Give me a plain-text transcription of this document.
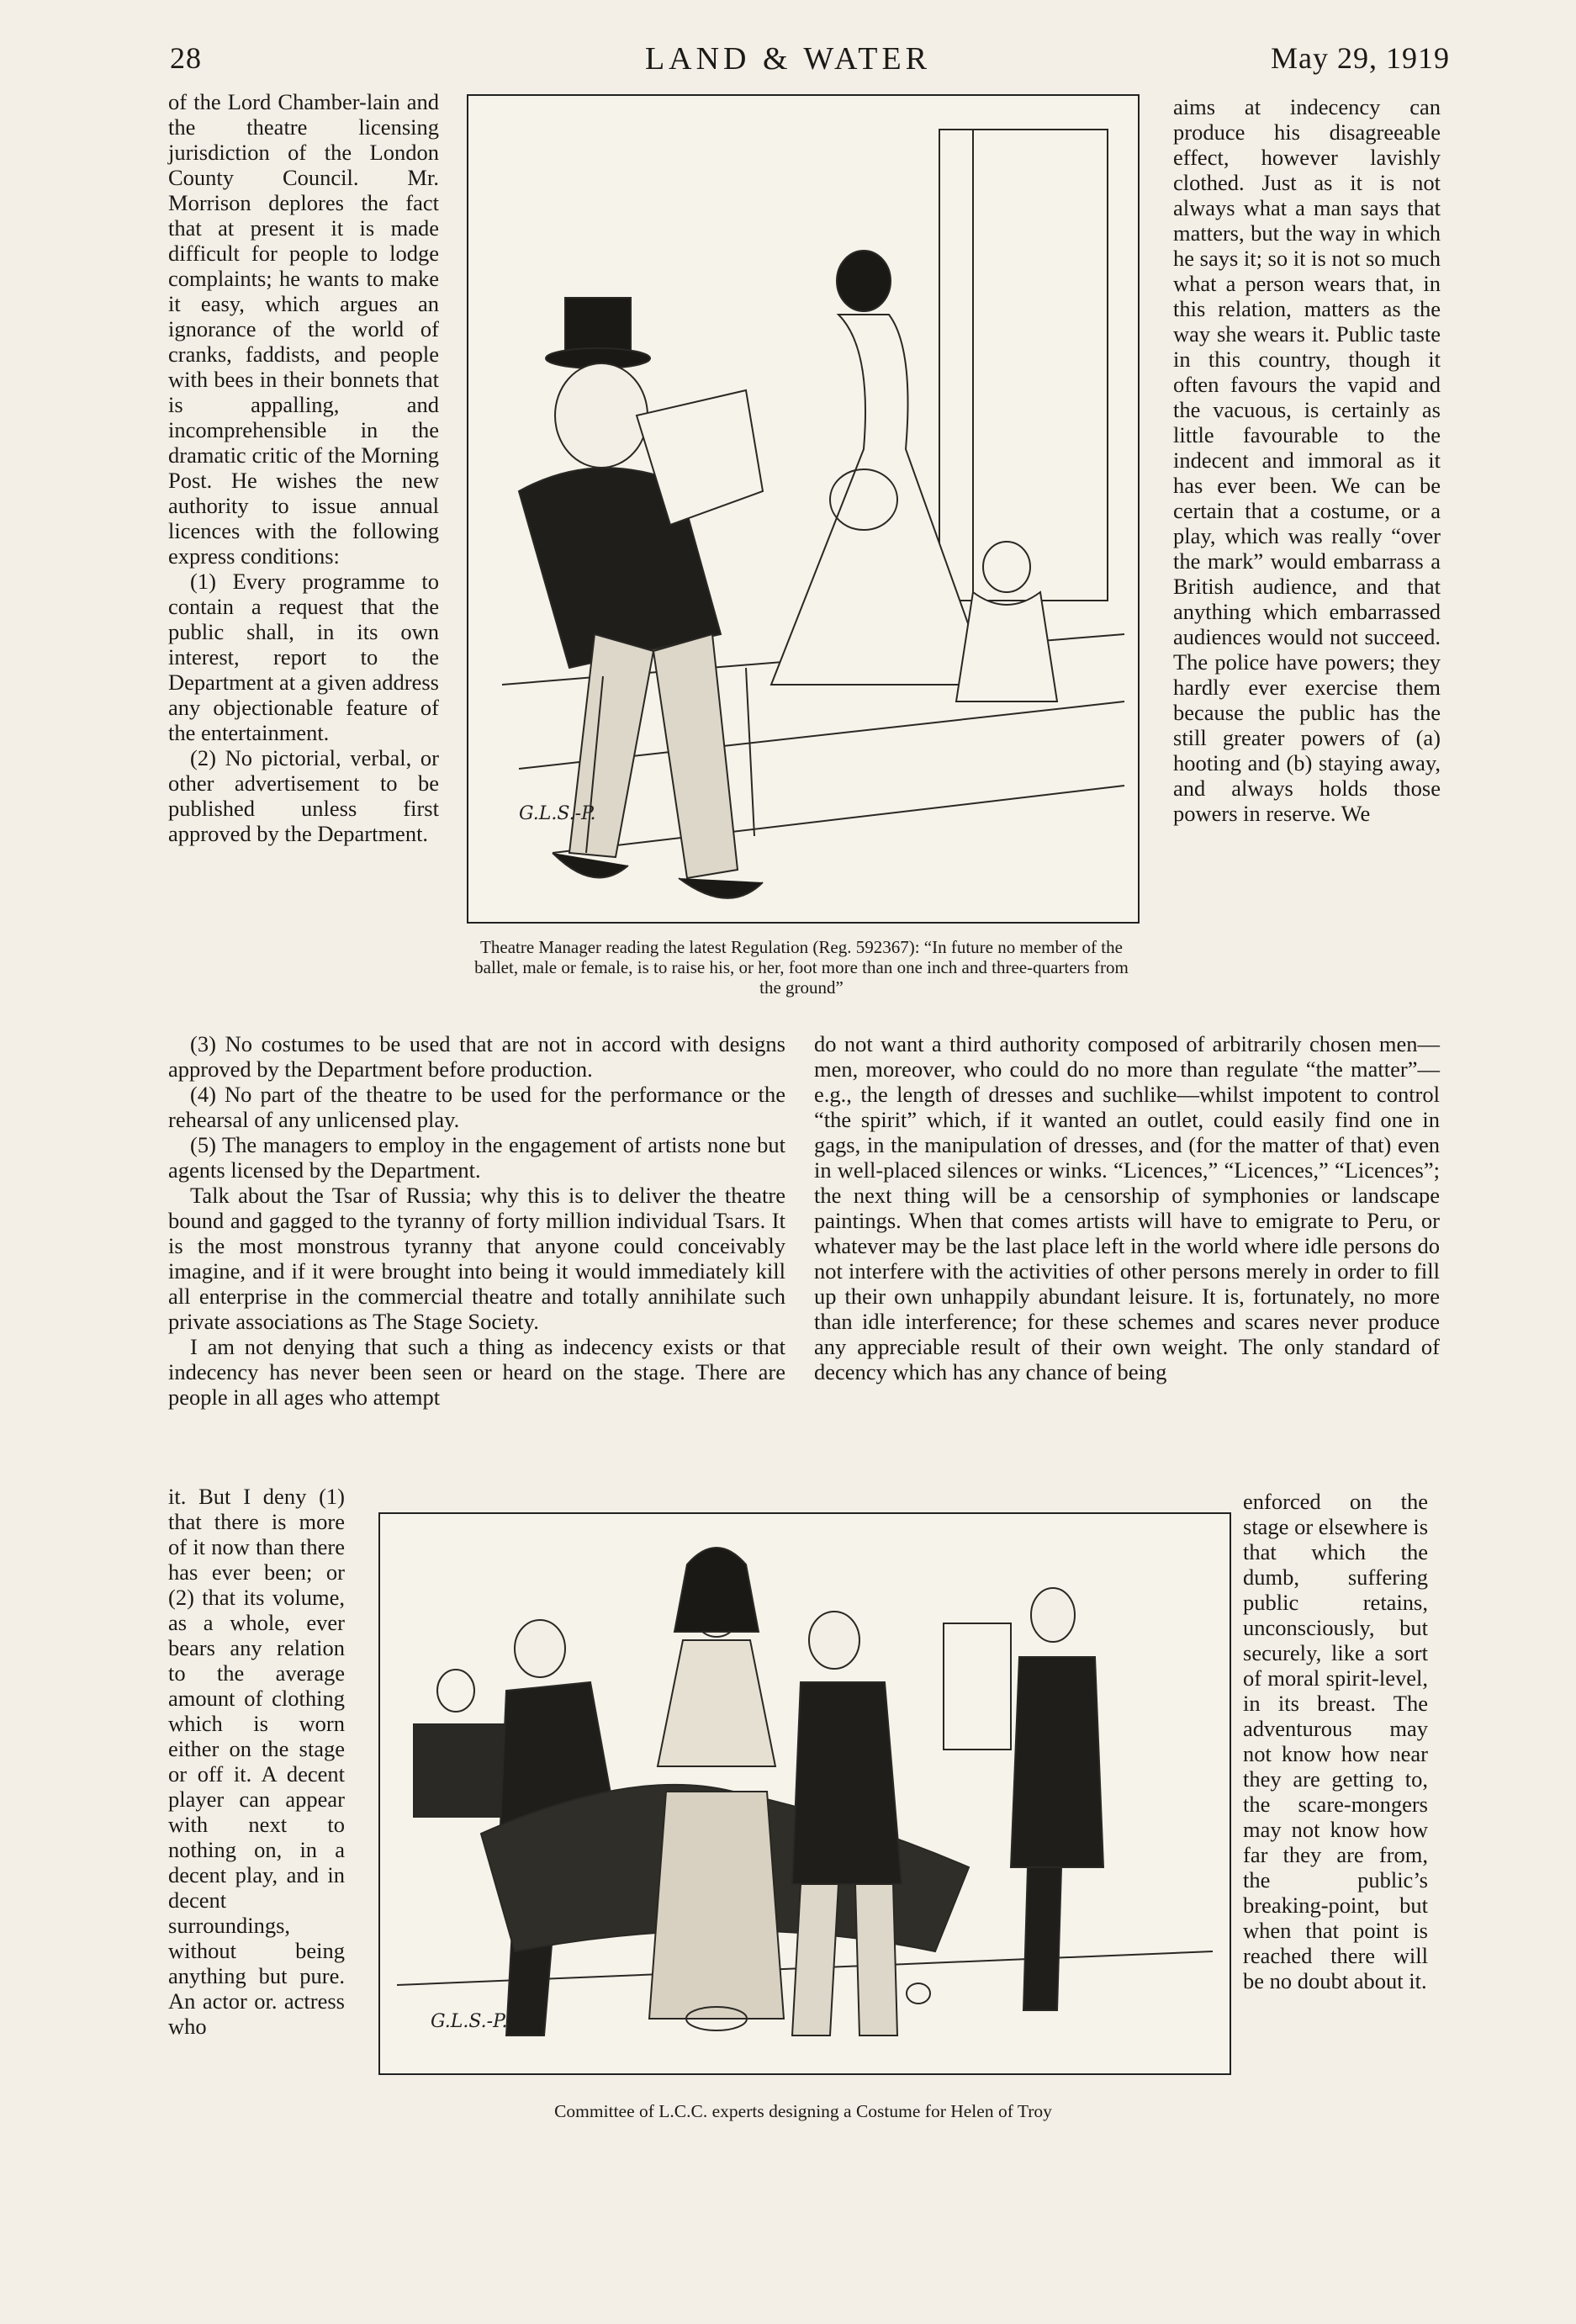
28	LAND & WATER	May 29, 1919

of the Lord Chamber-lain and the theatre licensing jurisdiction of the London County Council. Mr. Morrison deplores the fact that at present it is made difficult for people to lodge complaints; he wants to make it easy, which argues an ignorance of the world of cranks, faddists, and people with bees in their bonnets that is appalling, and incomprehensible in the dramatic critic of the Morning Post. He wishes the new authority to issue annual licences with the following express conditions:

(1) Every programme to contain a request that the public shall, in its own interest, report to the Department at a given address any objectionable feature of the entertainment.

(2) No pictorial, verbal, or other advertisement to be published unless first approved by the Department.

G.L.S.-P.
Theatre Manager reading the latest Regulation (Reg. 592367): “In future no member of the ballet, male or female, is to raise his, or her, foot more than one inch and three-quarters from the ground”

aims at indecency can produce his disagreeable effect, however lavishly clothed. Just as it is not always what a man says that matters, but the way in which he says it; so it is not so much what a person wears that, in this relation, matters as the way she wears it. Public taste in this country, though it often favours the vapid and the vacuous, is certainly as little favourable to the indecent and immoral as it has ever been. We can be certain that a costume, or a play, which was really “over the mark” would embarrass a British audience, and that anything which embarrassed audiences would not succeed. The police have powers; they hardly ever exercise them because the public has the still greater powers of (a) hooting and (b) staying away, and always holds those powers in reserve. We

(3) No costumes to be used that are not in accord with designs approved by the Department before production.

(4) No part of the theatre to be used for the performance or the rehearsal of any unlicensed play.

(5) The managers to employ in the engagement of artists none but agents licensed by the Department.

Talk about the Tsar of Russia; why this is to deliver the theatre bound and gagged to the tyranny of forty million individual Tsars. It is the most monstrous tyranny that anyone could conceivably imagine, and if it were brought into being it would immediately kill all enterprise in the commercial theatre and totally annihilate such private associations as The Stage Society.

I am not denying that such a thing as indecency exists or that indecency has never been seen or heard on the stage. There are people in all ages who attempt

do not want a third authority composed of arbitrarily chosen men—men, moreover, who could do no more than regulate “the matter”—e.g., the length of dresses and suchlike—whilst impotent to control “the spirit” which, if it wanted an outlet, could easily find one in gags, in the manipulation of dresses, and (for the matter of that) even in well-placed silences or winks. “Licences,” “Licences,” “Licences”; the next thing will be a censorship of symphonies or landscape paintings. When that comes artists will have to emigrate to Peru, or whatever may be the last place left in the world where idle persons do not interfere with the activities of other persons merely in order to fill up their own unhappily abundant leisure. It is, fortunately, no more than idle interference; for these schemes and scares never produce any appreciable result of their own weight. The only standard of decency which has any chance of being

it. But I deny (1) that there is more of it now than there has ever been; or (2) that its volume, as a whole, ever bears any relation to the average amount of clothing which is worn either on the stage or off it. A decent player can appear with next to nothing on, in a decent play, and in decent surroundings, without being anything but pure. An actor or. actress who	G.L.S.-P.
Committee of L.C.C. experts designing a Costume for Helen of Troy

enforced on the stage or elsewhere is that which the dumb, suffering public retains, unconsciously, but securely, like a sort of moral spirit-level, in its breast. The adventurous may not know how near they are getting to, the scare-mongers may not know how far they are from, the public’s breaking-point, but when that point is reached there will be no doubt about it.
